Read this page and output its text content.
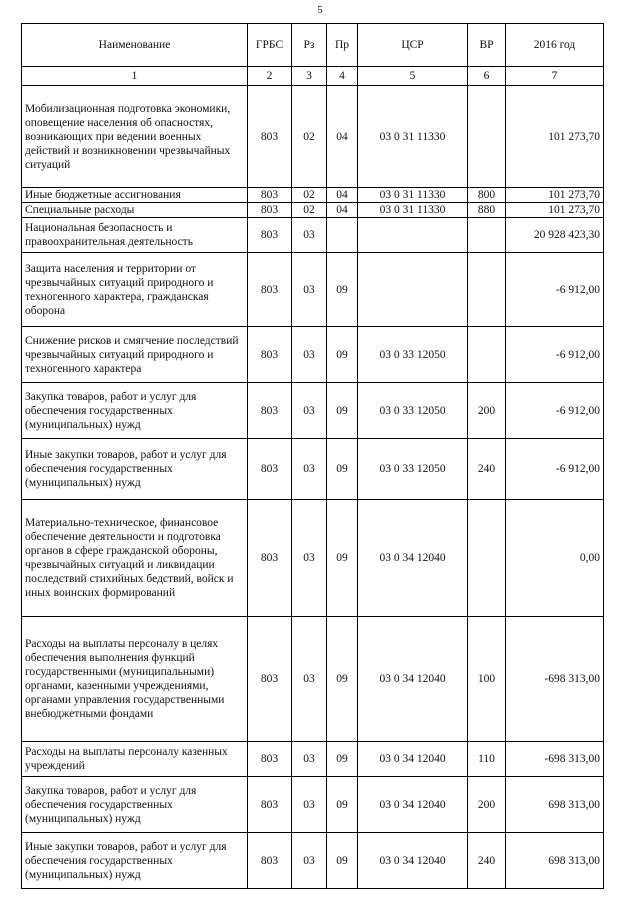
5
Наименование	ГРБС	Рз	Пр	ЦСР	ВР	2016 год
1	2	3	4	5	6	7
Мобилизационная подготовка экономики, оповещение населения об опасностях, возникающих при ведении военных действий и возникновении чрезвычайных ситуаций	803	02	04	03 0 31 11330		101 273,70
Иные бюджетные ассигнования	803	02	04	03 0 31 11330	800	101 273,70
Специальные расходы	803	02	04	03 0 31 11330	880	101 273,70
Национальная безопасность и правоохранительная деятельность	803	03				20 928 423,30
Защита населения и территории от чрезвычайных ситуаций природного и техногенного характера, гражданская оборона	803	03	09			-6 912,00
Снижение рисков и смягчение последствий чрезвычайных ситуаций природного и техногенного характера	803	03	09	03 0 33 12050		-6 912,00
Закупка товаров, работ и услуг для обеспечения государственных (муниципальных) нужд	803	03	09	03 0 33 12050	200	-6 912,00
Иные закупки товаров, работ и услуг для обеспечения государственных (муниципальных) нужд	803	03	09	03 0 33 12050	240	-6 912,00
Материально-техническое, финансовое обеспечение деятельности и подготовка органов в сфере гражданской обороны, чрезвычайных ситуаций и ликвидации последствий стихийных бедствий, войск и иных воинских формирований	803	03	09	03 0 34 12040		0,00
Расходы на выплаты персоналу в целях обеспечения выполнения функций государственными (муниципальными) органами, казенными учреждениями, органами управления государственными внебюджетными фондами	803	03	09	03 0 34 12040	100	-698 313,00
Расходы на выплаты персоналу казенных учреждений	803	03	09	03 0 34 12040	110	-698 313,00
Закупка товаров, работ и услуг для обеспечения государственных (муниципальных) нужд	803	03	09	03 0 34 12040	200	698 313,00
Иные закупки товаров, работ и услуг для обеспечения государственных (муниципальных) нужд	803	03	09	03 0 34 12040	240	698 313,00
